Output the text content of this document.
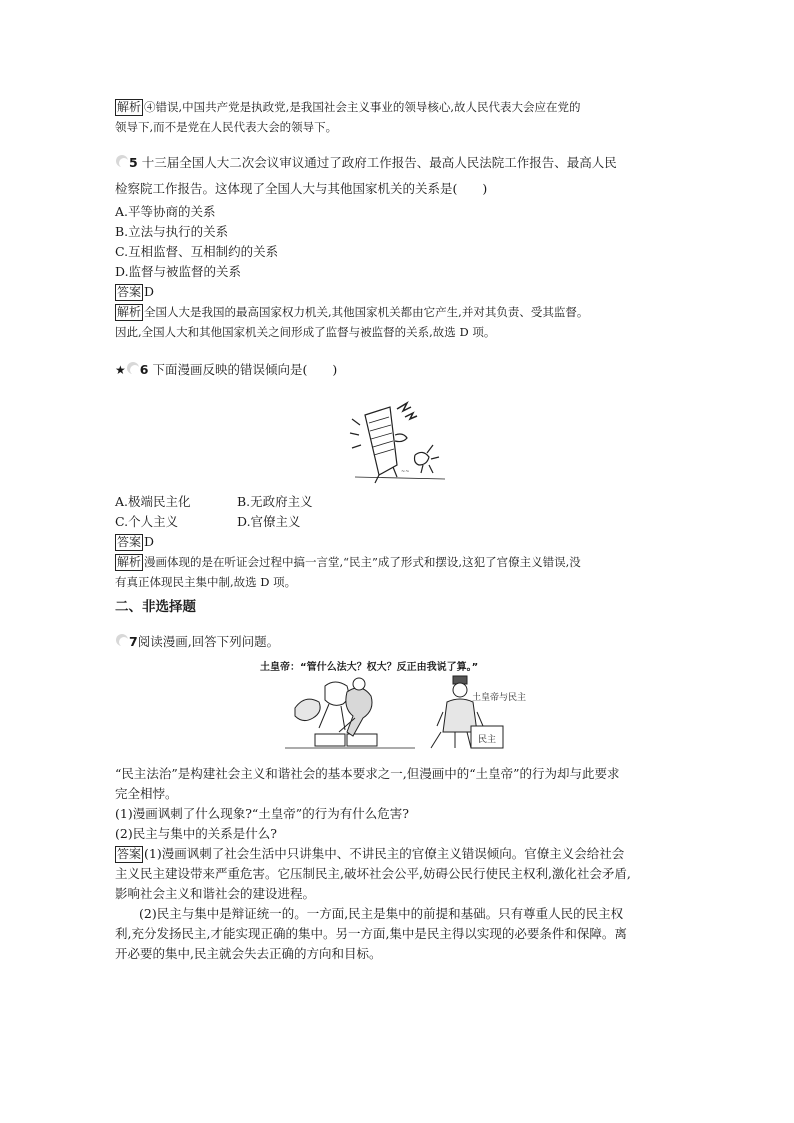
解析 ④错误,中国共产党是执政党,是我国社会主义事业的领导核心,故人民代表大会应在党的
领导下,而不是党在人民代表大会的领导下。
5 十三届全国人大二次会议审议通过了政府工作报告、最高人民法院工作报告、最高人民
检察院工作报告。这体现了全国人大与其他国家机关的关系是(　　)
A.平等协商的关系
B.立法与执行的关系
C.互相监督、互相制约的关系
D.监督与被监督的关系
答案 D
解析 全国人大是我国的最高国家权力机关,其他国家机关都由它产生,并对其负责、受其监督。
因此,全国人大和其他国家机关之间形成了监督与被监督的关系,故选 D 项。
★ 6 下面漫画反映的错误倾向是(　　)
~~
A.极端民主化	B.无政府主义
C.个人主义	D.官僚主义
答案 D
解析 漫画体现的是在听证会过程中搞一言堂,“民主”成了形式和摆设,这犯了官僚主义错误,没
有真正体现民主集中制,故选 D 项。
二、非选择题
7阅读漫画,回答下列问题。
土皇帝：“管什么法大？权大？反正由我说了算。”
民主
土皇帝与民主
“民主法治”是构建社会主义和谐社会的基本要求之一,但漫画中的“土皇帝”的行为却与此要求
完全相悖。
(1)漫画讽刺了什么现象?“土皇帝”的行为有什么危害?
(2)民主与集中的关系是什么?
答案 (1)漫画讽刺了社会生活中只讲集中、不讲民主的官僚主义错误倾向。官僚主义会给社会
主义民主建设带来严重危害。它压制民主,破坏社会公平,妨碍公民行使民主权利,激化社会矛盾,
影响社会主义和谐社会的建设进程。
(2)民主与集中是辩证统一的。一方面,民主是集中的前提和基础。只有尊重人民的民主权
利,充分发扬民主,才能实现正确的集中。另一方面,集中是民主得以实现的必要条件和保障。离
开必要的集中,民主就会失去正确的方向和目标。
